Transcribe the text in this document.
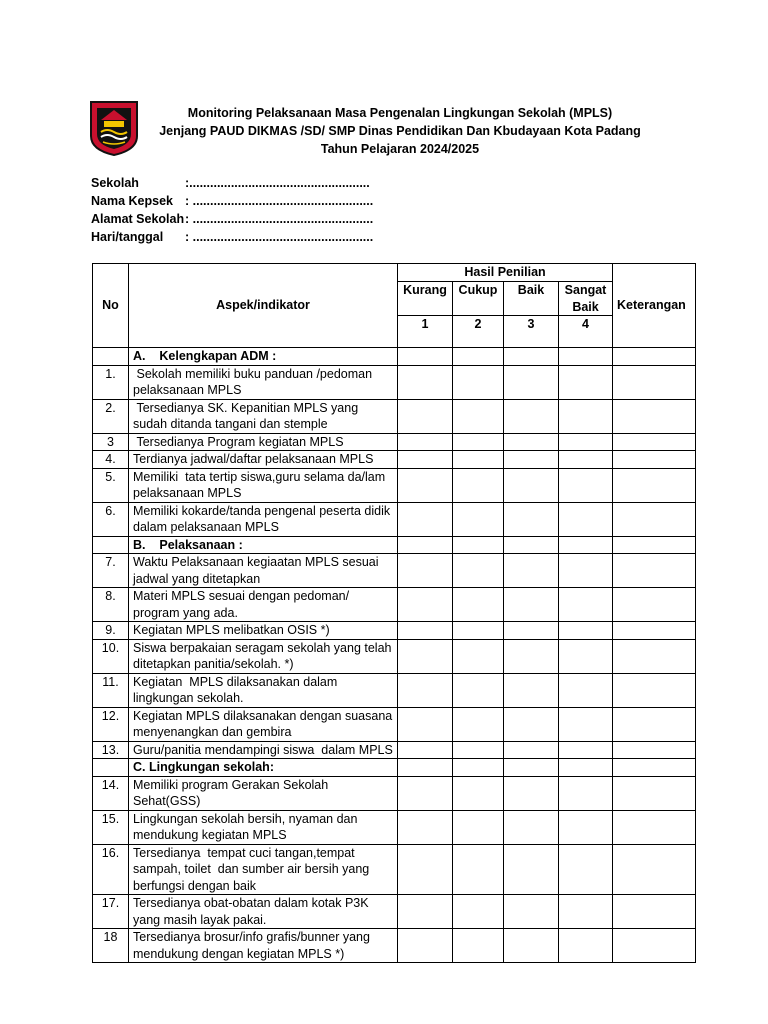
Monitoring Pelaksanaan Masa Pengenalan Lingkungan Sekolah (MPLS)
Jenjang PAUD DIKMAS /SD/ SMP Dinas Pendidikan Dan Kbudayaan Kota Padang
Tahun Pelajaran 2024/2025
Sekolah	:....................................................
Nama Kepsek : ....................................................
Alamat Sekolah : ....................................................
Hari/tanggal	: ....................................................
No	Aspek/indikator	Hasil Penilian				Keterangan
		Kurang	Cukup	Baik	Sangat Baik	
		1	2	3	4	
	A.    Kelengkapan ADM :					
1.	Sekolah memiliki buku panduan /pedoman pelaksanaan MPLS					
2.	Tersedianya SK. Kepanitian MPLS yang sudah ditanda tangani dan stemple					
3	Tersedianya Program kegiatan MPLS					
4.	Terdianya jadwal/daftar pelaksanaan MPLS					
5.	Memiliki  tata tertip siswa,guru selama da/lam pelaksanaan MPLS					
6.	Memiliki kokarde/tanda pengenal peserta didik dalam pelaksanaan MPLS					
	B.    Pelaksanaan :					
7.	Waktu Pelaksanaan kegiaatan MPLS sesuai jadwal yang ditetapkan					
8.	Materi MPLS sesuai dengan pedoman/ program yang ada.					
9.	Kegiatan MPLS melibatkan OSIS *)					
10.	Siswa berpakaian seragam sekolah yang telah ditetapkan panitia/sekolah. *)					
11.	Kegiatan  MPLS dilaksanakan dalam lingkungan sekolah.					
12.	Kegiatan MPLS dilaksanakan dengan suasana menyenangkan dan gembira					
13.	Guru/panitia mendampingi siswa  dalam MPLS					
	C. Lingkungan sekolah:					
14.	Memiliki program Gerakan Sekolah Sehat(GSS)					
15.	Lingkungan sekolah bersih, nyaman dan mendukung kegiatan MPLS					
16.	Tersedianya  tempat cuci tangan,tempat sampah, toilet  dan sumber air bersih yang berfungsi dengan baik					
17.	Tersedianya obat-obatan dalam kotak P3K yang masih layak pakai.					
18	Tersedianya brosur/info grafis/bunner yang mendukung dengan kegiatan MPLS *)					
